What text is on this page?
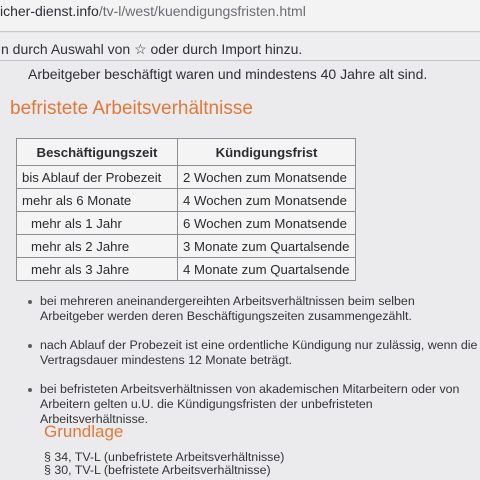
icher-dienst.info/tv-l/west/kuendigungsfristen.html
n durch Auswahl von ☆ oder durch Import hinzu.
Arbeitgeber beschäftigt waren und mindestens 40 Jahre alt sind.
befristete Arbeitsverhältnisse
Beschäftigungszeit	Kündigungsfrist
bis Ablauf der Probezeit	2 Wochen zum Monatsende
mehr als 6 Monate	4 Wochen zum Monatsende
mehr als 1 Jahr	6 Wochen zum Monatsende
mehr als 2 Jahre	3 Monate zum Quartalsende
mehr als 3 Jahre	4 Monate zum Quartalsende
bei mehreren aneinandergereihten Arbeitsverhältnissen beim selben Arbeitgeber werden deren Beschäftigungszeiten zusammengezählt.
nach Ablauf der Probezeit ist eine ordentliche Kündigung nur zulässig, wenn die Vertragsdauer mindestens 12 Monate beträgt.
bei befristeten Arbeitsverhältnissen von akademischen Mitarbeitern oder von Arbeitern gelten u.U. die Kündigungsfristen der unbefristeten Arbeitsverhältnisse.
Grundlage
§ 34, TV-L (unbefristete Arbeitsverhältnisse)
§ 30, TV-L (befristete Arbeitsverhältnisse)
